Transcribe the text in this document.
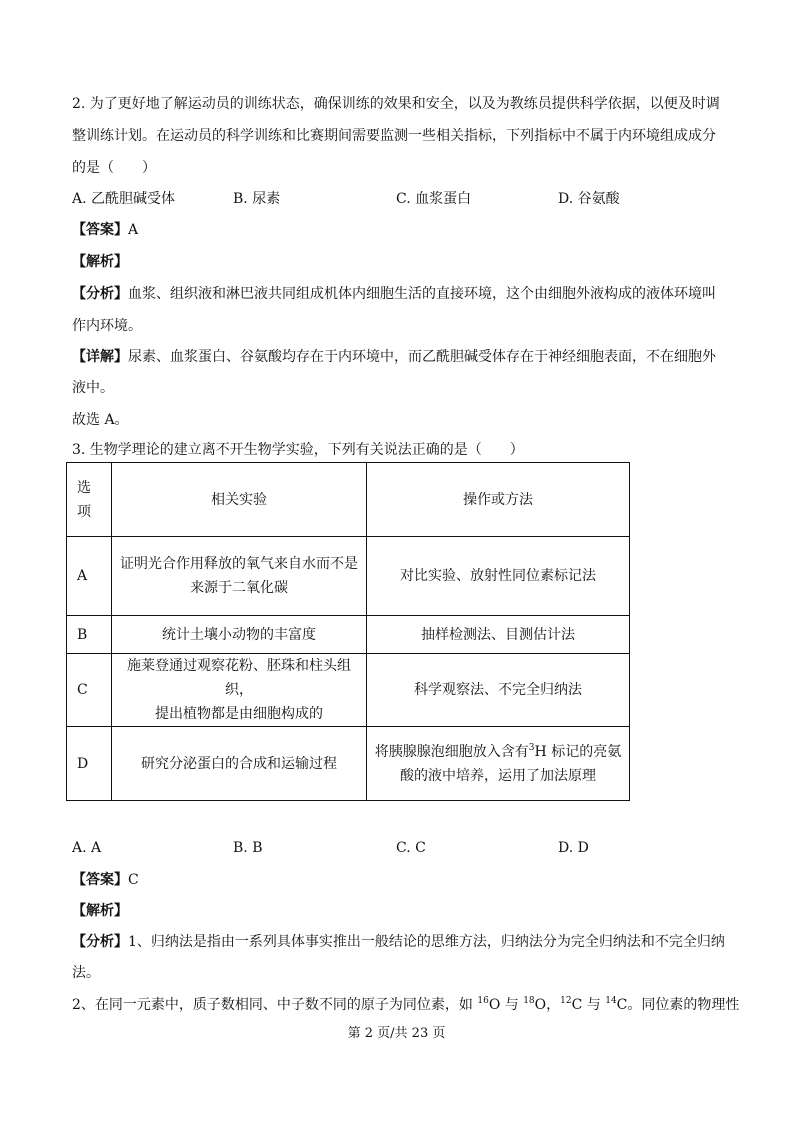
2. 为了更好地了解运动员的训练状态，确保训练的效果和安全，以及为教练员提供科学依据，以便及时调
整训练计划。在运动员的科学训练和比赛期间需要监测一些相关指标，下列指标中不属于内环境组成成分
的是（　　）
A. 乙酰胆碱受体	B. 尿素	C. 血浆蛋白	D. 谷氨酸
【答案】A
【解析】
【分析】血浆、组织液和淋巴液共同组成机体内细胞生活的直接环境，这个由细胞外液构成的液体环境叫
作内环境。
【详解】尿素、血浆蛋白、谷氨酸均存在于内环境中，而乙酰胆碱受体存在于神经细胞表面，不在细胞外
液中。
故选 A。
3. 生物学理论的建立离不开生物学实验，下列有关说法正确的是（　　）
选
项	相关实验	操作或方法
A	证明光合作用释放的氧气来自水而不是
来源于二氧化碳	对比实验、放射性同位素标记法
B	统计土壤小动物的丰富度	抽样检测法、目测估计法
C	施莱登通过观察花粉、胚珠和柱头组织，
提出植物都是由细胞构成的	科学观察法、不完全归纳法
D	研究分泌蛋白的合成和运输过程	将胰腺腺泡细胞放入含有$^3$H 标记的亮氨
酸的液中培养，运用了加法原理
A. A	B. B	C. C	D. D
【答案】C
【解析】
【分析】1、归纳法是指由一系列具体事实推出一般结论的思维方法，归纳法分为完全归纳法和不完全归纳
法。
2、在同一元素中，质子数相同、中子数不同的原子为同位素，如 $^{16}$O 与 $^{18}$O，$^{12}$C 与 $^{14}$C。同位素的物理性
第 2 页/共 23 页
